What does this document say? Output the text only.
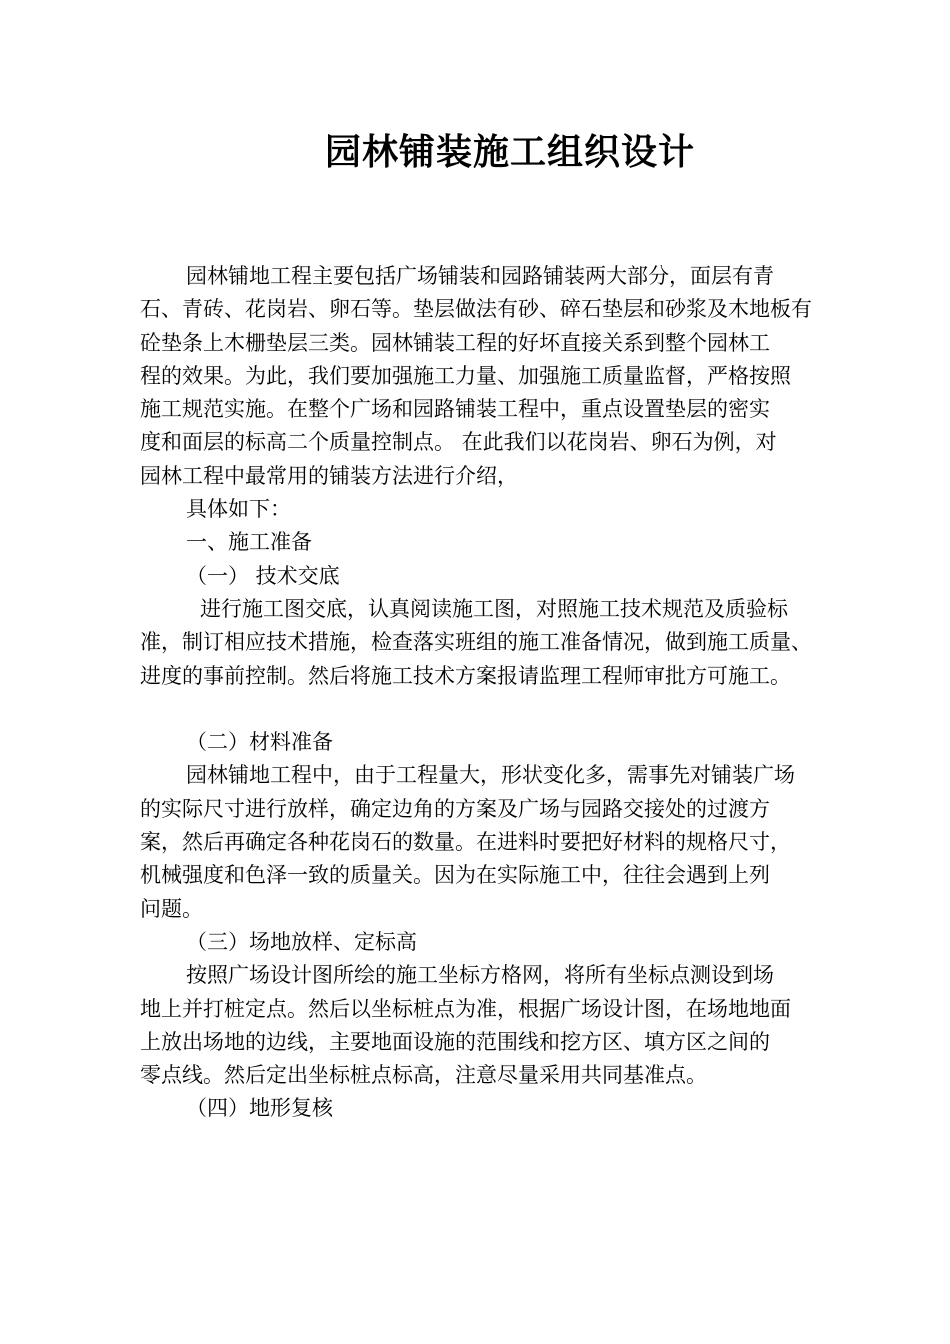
园林铺装施工组织设计
园林铺地工程主要包括广场铺装和园路铺装两大部分，面层有青
石、青砖、花岗岩、卵石等。垫层做法有砂、碎石垫层和砂浆及木地板有
砼垫条上木栅垫层三类。园林铺装工程的好坏直接关系到整个园林工
程的效果。为此，我们要加强施工力量、加强施工质量监督，严格按照
施工规范实施。在整个广场和园路铺装工程中，重点设置垫层的密实
度和面层的标高二个质量控制点。 在此我们以花岗岩、卵石为例，对
园林工程中最常用的铺装方法进行介绍，
具体如下：
一、施工准备
（一） 技术交底
进行施工图交底，认真阅读施工图，对照施工技术规范及质验标
准，制订相应技术措施，检查落实班组的施工准备情况，做到施工质量、
进度的事前控制。然后将施工技术方案报请监理工程师审批方可施工。
（二）材料准备
园林铺地工程中，由于工程量大，形状变化多，需事先对铺装广场
的实际尺寸进行放样，确定边角的方案及广场与园路交接处的过渡方
案，然后再确定各种花岗石的数量。在进料时要把好材料的规格尺寸，
机械强度和色泽一致的质量关。因为在实际施工中，往往会遇到上列
问题。
（三）场地放样、定标高
按照广场设计图所绘的施工坐标方格网，将所有坐标点测设到场
地上并打桩定点。然后以坐标桩点为准，根据广场设计图，在场地地面
上放出场地的边线，主要地面设施的范围线和挖方区、填方区之间的
零点线。然后定出坐标桩点标高，注意尽量采用共同基准点。
（四）地形复核
